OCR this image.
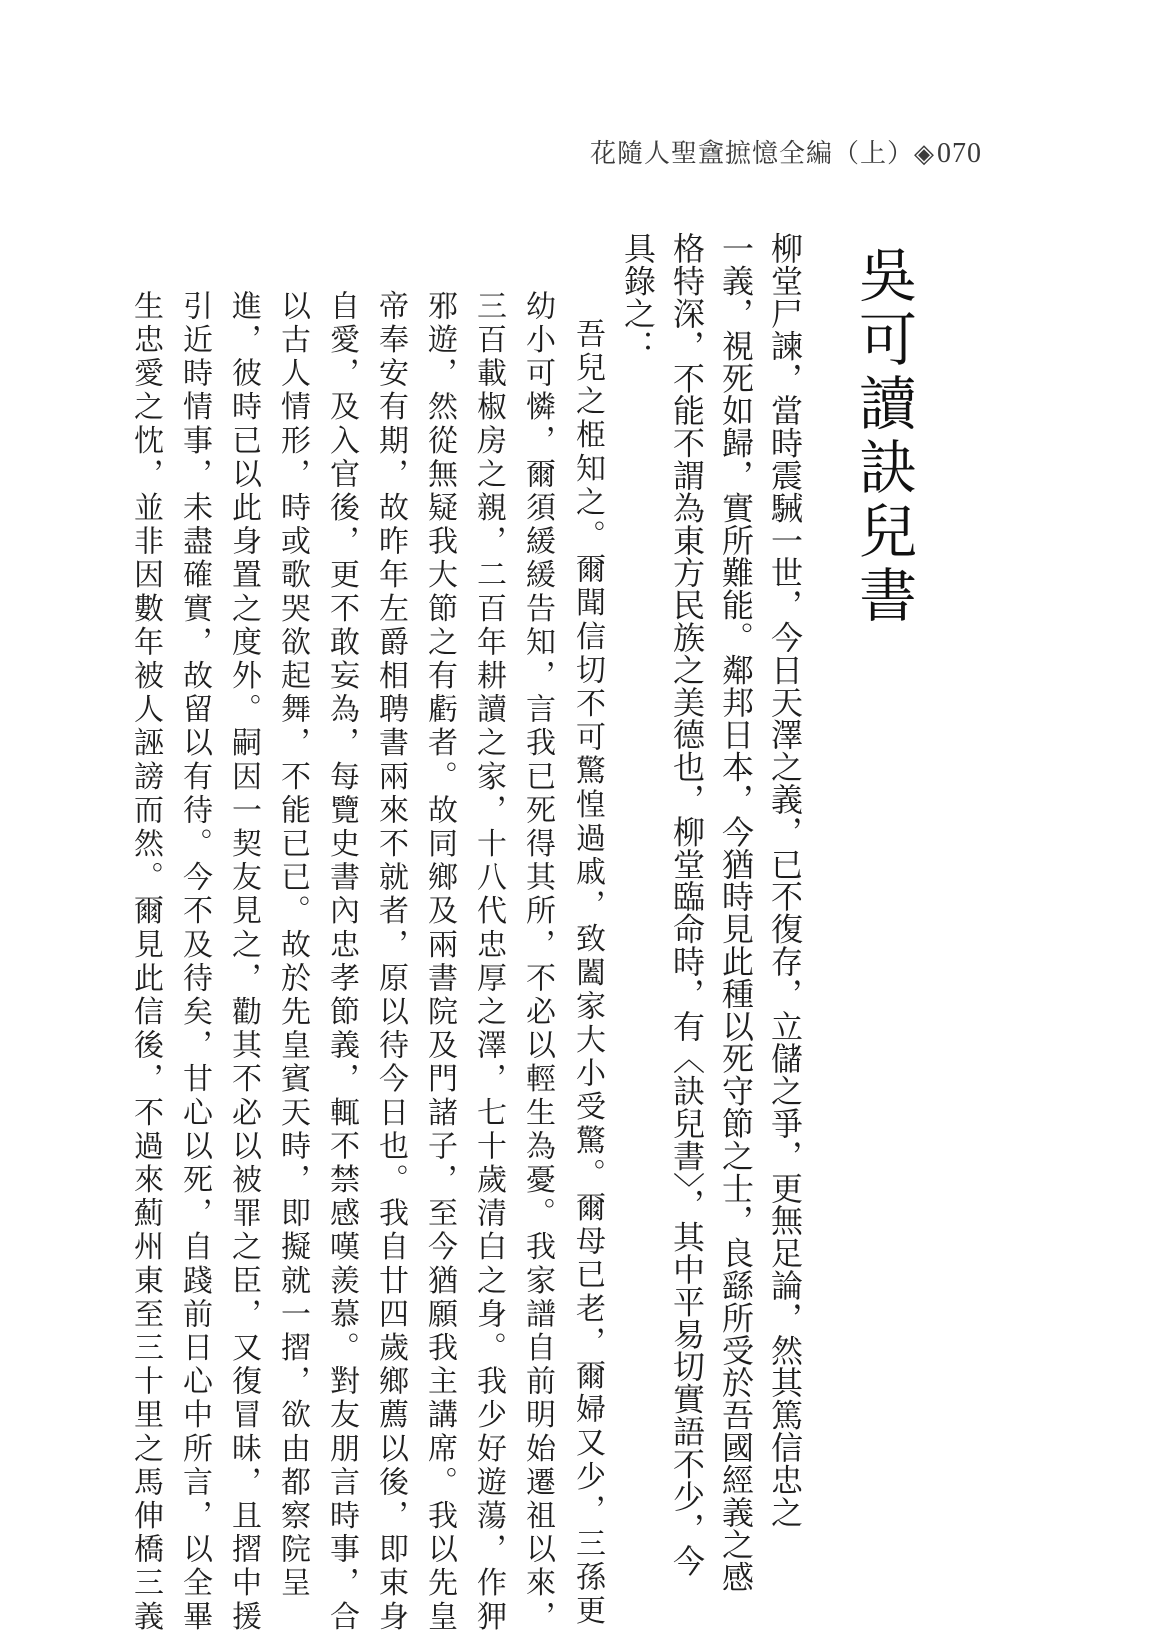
花隨人聖盦摭憶全編（上）◈070
吳可讀訣兒書
柳堂尸諫，當時震駴一世，今日天澤之義，已不復存，立儲之爭，更無足論，然其篤信忠之
一義，視死如歸，實所難能。鄰邦日本，今猶時見此種以死守節之士，良繇所受於吾國經義之感
格特深，不能不謂為東方民族之美德也，柳堂臨命時，有〈訣兒書〉，其中平易切實語不少，今
具錄之：
吾兒之栕知之。爾聞信切不可驚惶過戚，致闔家大小受驚。爾母已老，爾婦又少，三孫更
幼小可憐，爾須緩緩告知，言我已死得其所，不必以輕生為憂。我家譜自前明始遷祖以來，
三百載椒房之親，二百年耕讀之家，十八代忠厚之澤，七十歲清白之身。我少好遊蕩，作狎
邪遊，然從無疑我大節之有虧者。故同鄉及兩書院及門諸子，至今猶願我主講席。我以先皇
帝奉安有期，故昨年左爵相聘書兩來不就者，原以待今日也。我自廿四歲鄉薦以後，即束身
自愛，及入官後，更不敢妄為，每覽史書內忠孝節義，輒不禁感嘆羨慕。對友朋言時事，合
以古人情形，時或歌哭欲起舞，不能已已。故於先皇賓天時，即擬就一摺，欲由都察院呈
進，彼時已以此身置之度外。嗣因一契友見之，勸其不必以被罪之臣，又復冒昧，且摺中援
引近時情事，未盡確實，故留以有待。今不及待矣，甘心以死，自踐前日心中所言，以全畢
生忠愛之忱，並非因數年被人誣謗而然。爾見此信後，不過來薊州東至三十里之馬伸橋三義
